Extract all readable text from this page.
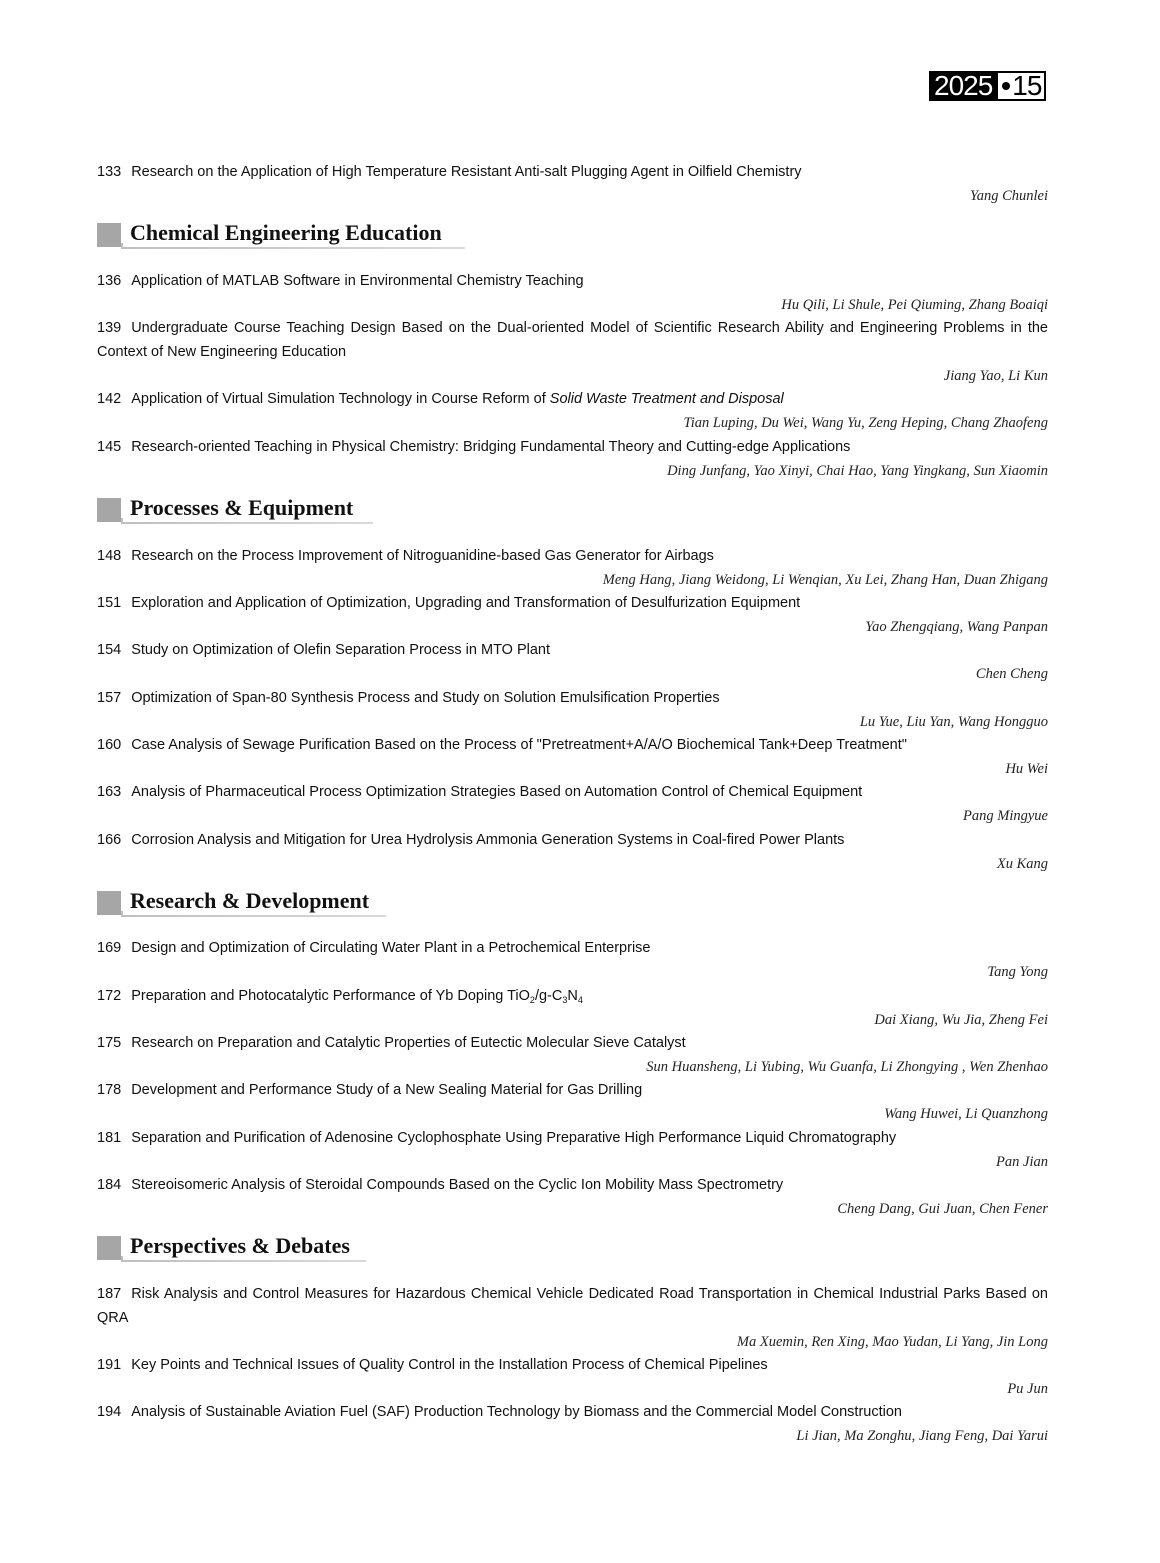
2025 15
133 Research on the Application of High Temperature Resistant Anti-salt Plugging Agent in Oilfield Chemistry
Yang Chunlei
Chemical Engineering Education
136 Application of MATLAB Software in Environmental Chemistry Teaching
Hu Qili, Li Shule, Pei Qiuming, Zhang Boaiqi
139 Undergraduate Course Teaching Design Based on the Dual-oriented Model of Scientific Research Ability and Engineering Problems in the Context of New Engineering Education
Jiang Yao, Li Kun
142 Application of Virtual Simulation Technology in Course Reform of Solid Waste Treatment and Disposal
Tian Luping, Du Wei, Wang Yu, Zeng Heping, Chang Zhaofeng
145 Research-oriented Teaching in Physical Chemistry: Bridging Fundamental Theory and Cutting-edge Applications
Ding Junfang, Yao Xinyi, Chai Hao, Yang Yingkang, Sun Xiaomin
Processes & Equipment
148 Research on the Process Improvement of Nitroguanidine-based Gas Generator for Airbags
Meng Hang, Jiang Weidong, Li Wenqian, Xu Lei, Zhang Han, Duan Zhigang
151 Exploration and Application of Optimization, Upgrading and Transformation of Desulfurization Equipment
Yao Zhengqiang, Wang Panpan
154 Study on Optimization of Olefin Separation Process in MTO Plant
Chen Cheng
157 Optimization of Span-80 Synthesis Process and Study on Solution Emulsification Properties
Lu Yue, Liu Yan, Wang Hongguo
160 Case Analysis of Sewage Purification Based on the Process of "Pretreatment+A/A/O Biochemical Tank+Deep Treatment"
Hu Wei
163 Analysis of Pharmaceutical Process Optimization Strategies Based on Automation Control of Chemical Equipment
Pang Mingyue
166 Corrosion Analysis and Mitigation for Urea Hydrolysis Ammonia Generation Systems in Coal-fired Power Plants
Xu Kang
Research & Development
169 Design and Optimization of Circulating Water Plant in a Petrochemical Enterprise
Tang Yong
172 Preparation and Photocatalytic Performance of Yb Doping $TiO_2/g-C_3N_4$
Dai Xiang, Wu Jia, Zheng Fei
175 Research on Preparation and Catalytic Properties of Eutectic Molecular Sieve Catalyst
Sun Huansheng, Li Yubing, Wu Guanfa, Li Zhongying , Wen Zhenhao
178 Development and Performance Study of a New Sealing Material for Gas Drilling
Wang Huwei, Li Quanzhong
181 Separation and Purification of Adenosine Cyclophosphate Using Preparative High Performance Liquid Chromatography
Pan Jian
184 Stereoisomeric Analysis of Steroidal Compounds Based on the Cyclic Ion Mobility Mass Spectrometry
Cheng Dang, Gui Juan, Chen Fener
Perspectives & Debates
187 Risk Analysis and Control Measures for Hazardous Chemical Vehicle Dedicated Road Transportation in Chemical Industrial Parks Based on QRA
Ma Xuemin, Ren Xing, Mao Yudan, Li Yang, Jin Long
191 Key Points and Technical Issues of Quality Control in the Installation Process of Chemical Pipelines
Pu Jun
194 Analysis of Sustainable Aviation Fuel (SAF) Production Technology by Biomass and the Commercial Model Construction
Li Jian, Ma Zonghu, Jiang Feng, Dai Yarui
